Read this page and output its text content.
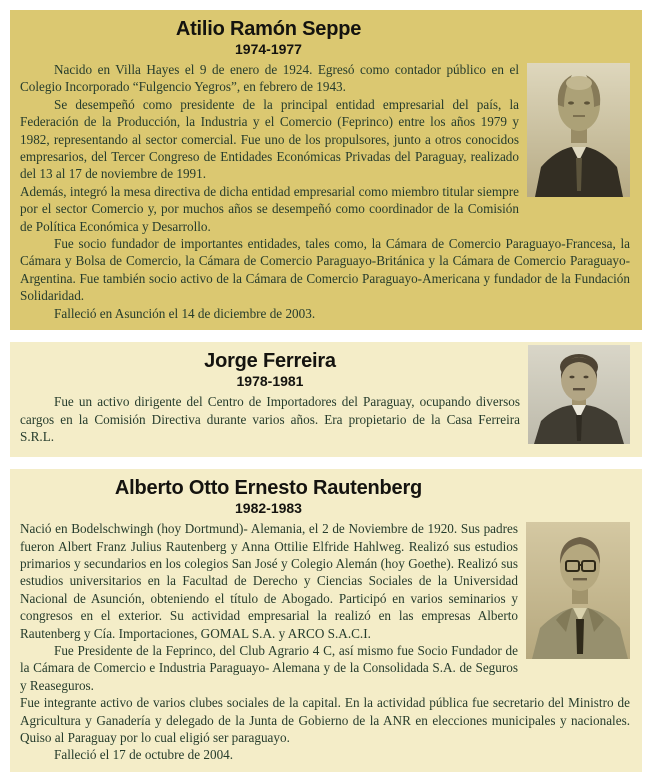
Atilio Ramón Seppe
1974-1977

Nacido en Villa Hayes el 9 de enero de 1924. Egresó como contador público en el Colegio Incorporado “Fulgencio Yegros”, en febrero de 1943.

Se desempeñó como presidente de la principal entidad empresarial del país, la Federación de la Producción, la Industria y el Comercio (Feprinco) entre los años 1979 y 1982, representando al sector comercial. Fue uno de los propulsores, junto a otros conocidos empresarios, del Tercer Congreso de Entidades Económicas Privadas del Paraguay, realizado del 13 al 17 de noviembre de 1991.

Además, integró la mesa directiva de dicha entidad empresarial como miembro titular siempre por el sector Comercio y, por muchos años se desempeñó como coordinador de la Comisión de Política Económica y Desarrollo.

Fue socio fundador de importantes entidades, tales como, la Cámara de Comercio Paraguayo-Francesa, la Cámara y Bolsa de Comercio, la Cámara de Comercio Paraguayo-Británica y la Cámara de Comercio Paraguayo-Argentina. Fue también socio activo de la Cámara de Comercio Paraguayo-Americana y fundador de la Fundación Solidaridad.

Falleció en Asunción el 14 de diciembre de 2003.

Jorge Ferreira
1978-1981

Fue un activo dirigente del Centro de Importadores del Paraguay, ocupando diversos cargos en la Comisión Directiva durante varios años. Era propietario de la Casa Ferreira S.R.L.

Alberto Otto Ernesto Rautenberg
1982-1983

Nació en Bodelschwingh (hoy Dortmund)- Alemania, el 2 de Noviembre de 1920. Sus padres fueron Albert Franz Julius Rautenberg y Anna Ottilie Elfride Hahlweg. Realizó sus estudios primarios y secundarios en los colegios San José y Colegio Alemán (hoy Goethe). Realizó sus estudios universitarios en la Facultad de Derecho y Ciencias Sociales de la Universidad Nacional de Asunción, obteniendo el título de Abogado. Participó en varios seminarios y congresos en el exterior. Su actividad empresarial la realizó en las empresas Alberto Rautenberg y Cía. Importaciones, GOMAL S.A. y ARCO S.A.C.I.

Fue Presidente de la Feprinco, del Club Agrario 4 C, así mismo fue Socio Fundador de la Cámara de Comercio e Industria Paraguayo- Alemana y de la Consolidada S.A. de Seguros y Reaseguros.

Fue integrante activo de varios clubes sociales de la capital. En la actividad pública fue secretario del Ministro de Agricultura y Ganadería y delegado de la Junta de Gobierno de la ANR en elecciones municipales y nacionales. Quiso al Paraguay por lo cual eligió ser paraguayo.

Falleció el 17 de octubre de 2004.
